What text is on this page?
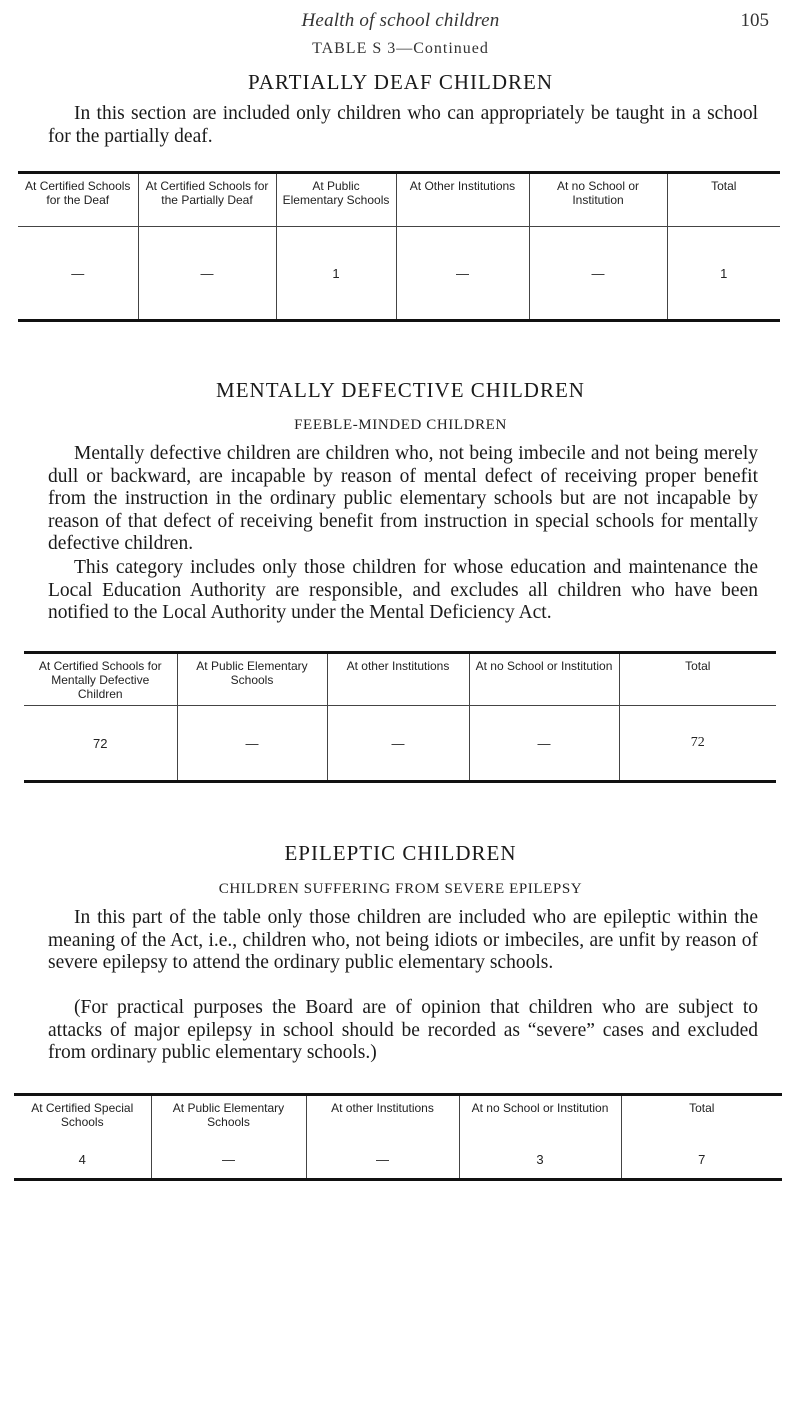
Health of school children	105
TABLE S 3—Continued
PARTIALLY DEAF CHILDREN

In this section are included only children who can appropriately be taught in a school for the partially deaf.

At Certified Schools for the Deaf	At Certified Schools for the Partially Deaf	At Public Elementary Schools	At Other Institutions	At no School or Institution	Total
—	—	1	—	—	1
MENTALLY DEFECTIVE CHILDREN
FEEBLE-MINDED CHILDREN

Mentally defective children are children who, not being imbecile and not being merely dull or backward, are incapable by reason of mental defect of receiving proper benefit from the instruction in the ordinary public elementary schools but are not incapable by reason of that defect of receiving benefit from instruction in special schools for mentally defective children.

This category includes only those children for whose education and maintenance the Local Education Authority are responsible, and excludes all children who have been notified to the Local Authority under the Mental Deficiency Act.

At Certified Schools for Mentally Defective Children	At Public Elementary Schools	At other Institutions	At no School or Institution	Total
72	—	—	—	72
EPILEPTIC CHILDREN
CHILDREN SUFFERING FROM SEVERE EPILEPSY

In this part of the table only those children are included who are epileptic within the meaning of the Act, i.e., children who, not being idiots or imbeciles, are unfit by reason of severe epilepsy to attend the ordinary public elementary schools.

(For practical purposes the Board are of opinion that children who are subject to attacks of major epilepsy in school should be recorded as “severe” cases and excluded from ordinary public elementary schools.)

At Certified Special Schools	At Public Elementary Schools	At other Institutions	At no School or Institution	Total
4	—	—	3	7
